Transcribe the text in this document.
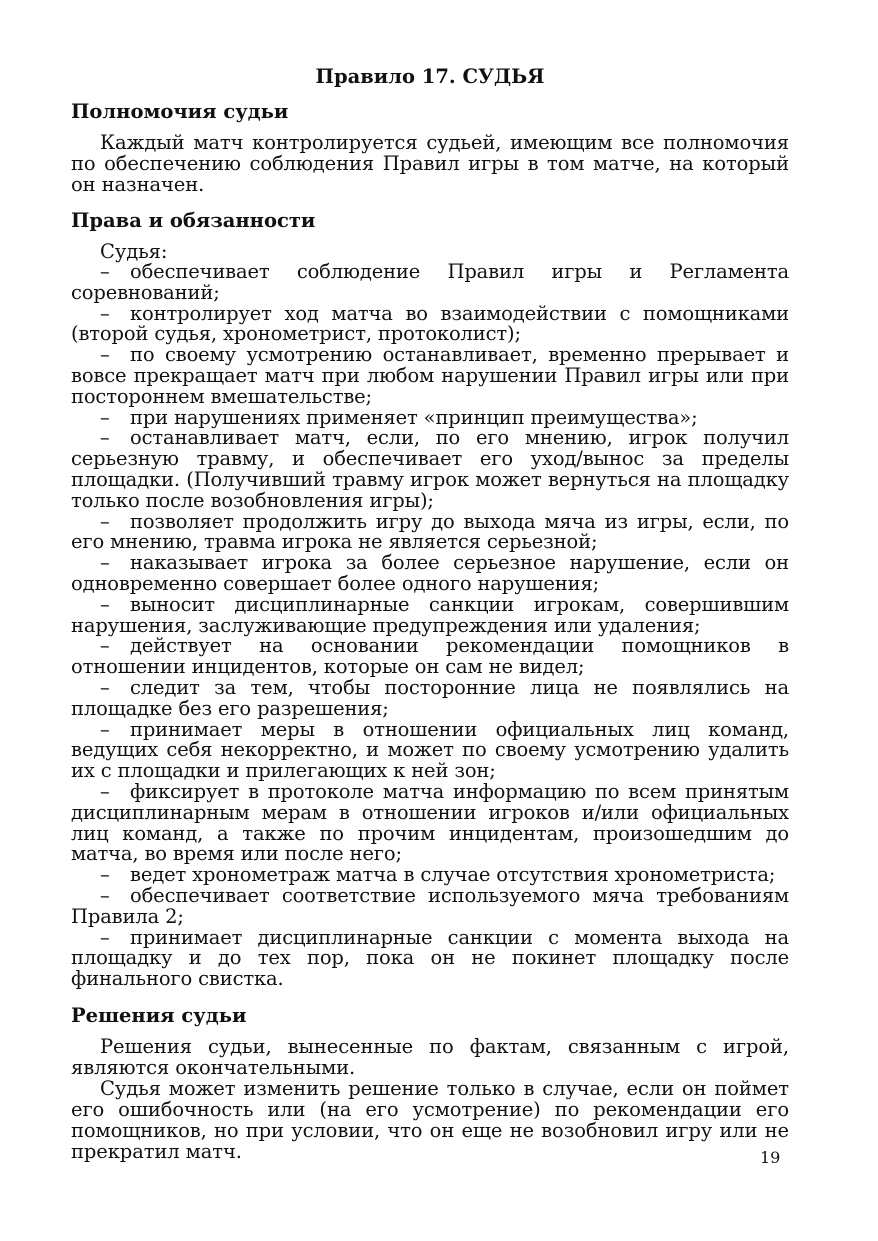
Правило 17. СУДЬЯ
Полномочия судьи

Каждый матч контролируется судьей, имеющим все полномочия по обеспечению соблюдения Правил игры в том матче, на который он назначен.

Права и обязанности

Судья:

– обеспечивает соблюдение Правил игры и Регламента соревнований;
– контролирует ход матча во взаимодействии с помощниками (второй судья, хронометрист, протоколист);
– по своему усмотрению останавливает, временно прерывает и вовсе прекращает матч при любом нарушении Правил игры или при постороннем вмешательстве;
– при нарушениях применяет «принцип преимущества»;
– останавливает матч, если, по его мнению, игрок получил серьезную травму, и обеспечивает его уход/вынос за пределы площадки. (Получивший травму игрок может вернуться на площадку только после возобновления игры);
– позволяет продолжить игру до выхода мяча из игры, если, по его мнению, травма игрока не является серьезной;
– наказывает игрока за более серьезное нарушение, если он одновременно совершает более одного нарушения;
– выносит дисциплинарные санкции игрокам, совершившим нарушения, заслуживающие предупреждения или удаления;
– действует на основании рекомендации помощников в отношении инцидентов, которые он сам не видел;
– следит за тем, чтобы посторонние лица не появлялись на площадке без его разрешения;
– принимает меры в отношении официальных лиц команд, ведущих себя некорректно, и может по своему усмотрению удалить их с площадки и прилегающих к ней зон;
– фиксирует в протоколе матча информацию по всем принятым дисциплинарным мерам в отношении игроков и/или официальных лиц команд, а также по прочим инцидентам, произошедшим до матча, во время или после него;
– ведет хронометраж матча в случае отсутствия хронометриста;
– обеспечивает соответствие используемого мяча требованиям Правила 2;
– принимает дисциплинарные санкции с момента выхода на площадку и до тех пор, пока он не покинет площадку после финального свистка.
Решения судьи

Решения судьи, вынесенные по фактам, связанным с игрой, являются окончательными.

Судья может изменить решение только в случае, если он поймет его ошибочность или (на его усмотрение) по рекомендации его помощников, но при условии, что он еще не возобновил игру или не прекратил матч.	19
